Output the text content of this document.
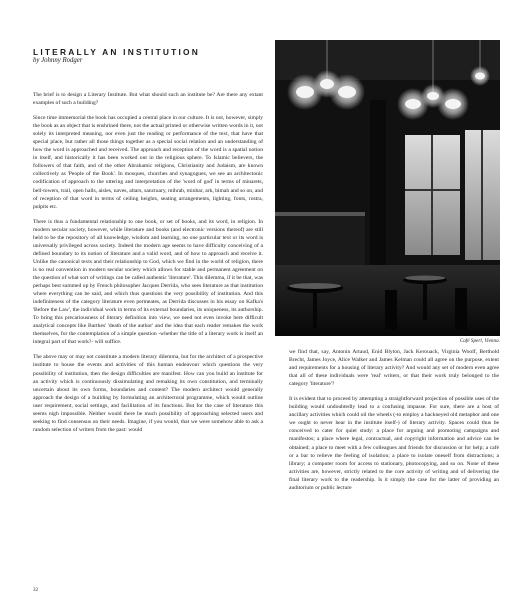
LITERALLY AN INSTITUTION
by Johnny Rodger

The brief is to design a Literary Institute. But what should such an institute be? Are there any extant examples of such a building?

Since time immemorial the book has occupied a central place in our culture. It is not, however, simply the book as an object that is enshrined there, not the actual printed or otherwise written words in it, not solely its interpreted meaning, nor even just the reading or performance of the text, that have that special place, but rather all those things together as a special social relation and an understanding of how the word is approached and received. The approach and reception of the word is a spatial notion in itself, and historically it has been worked out in the religious sphere. To Islamic believers, the followers of that faith, and of the other Abrahamic religions, Christianity and Judaism, are known collectively as 'People of the Book'. In mosques, churches and synagogues, we see an architectonic codification of approach to the uttering and interpretation of the 'word of god' in terms of minarets, bell-towers, trail, open halls, aisles, naves, altars, sanctuary, mihrab, minbar, ark, bimah and so on, and of reception of that word in terms of ceiling heights, seating arrangements, lighting, fonts, rostra, pulpits etc.

There is thus a fundamental relationship to one book, or set of books, and its word, in religion. In modern secular society, however, while literature and books (and electronic versions thereof) are still held to be the repository of all knowledge, wisdom and learning, no one particular text or its word is universally privileged across society. Indeed the modern age seems to have difficulty conceiving of a defined boundary to its notion of literature and a valid word, and of how to approach and receive it. Unlike the canonical texts and their relationship to God, which we find in the world of religion, there is no real convention in modern secular society which allows for stable and permanent agreement on the question of what sort of writings can be called authentic 'literature'. This dilemma, if it be that, was perhaps best summed up by French philosopher Jacques Derrida, who sees literature as that institution where everything can be said, and which thus questions the very possibility of institution. And this indefiniteness of the category literature even permeates, as Derrida discusses in his essay on Kafka's 'Before the Law', the individual work in terms of its external boundaries, its uniqueness, its authorship. To bring this precariousness of literary definition into view, we need not even invoke here difficult analytical concepts like Barthes' 'death of the author' and the idea that each reader remakes the work themselves, for the contemplation of a simple question -whether the title of a literary work is itself an integral part of that work?- will suffice.

The above may or may not constitute a modern literary dilemma, but for the architect of a prospective institute to house the events and activities of this human endeavour which questions the very possibility of institution, then the design difficulties are manifest. How can you build an institute for an activity which is continuously dissimulating and remaking its own constitution, and terminally uncertain about its own forms, boundaries and content? The modern architect would generally approach the design of a building by formulating an architectural programme, which would outline user requirement, social settings, and facilitation of its functions. But for the case of literature this seems nigh impossible. Neither would there be much possibility of approaching selected users and seeking to find consensus on their needs. Imagine, if you would, that we were somehow able to ask a random selection of writers from the past: would

Café Sperl, Vienna.

we find that, say, Antonin Artaud, Enid Blyton, Jack Kerouack, Virginia Woolf, Berthold Brecht, James Joyce, Alice Walker and James Kelman could all agree on the purpose, extent and requirements for a housing of literary activity? And would any set of modern even agree that all of these individuals were 'real' writers, or that their work truly belonged to the category 'literature'?

It is evident that to proceed by attempting a straightforward projection of possible uses of the building would undoubtedly lead to a confusing impasse. For sure, there are a host of ancillary activities which could oil the wheels (-to employ a hackneyed old metaphor and one we ought to never hear in the institute itself-) of literary activity. Spaces could thus be conceived to cater for quiet study: a place for arguing and promoting campaigns and manifestos; a place where legal, contractual, and copyright information and advice can be obtained; a place to meet with a few colleagues and friends for discussion or for help; a café or a bar to relieve the feeling of isolation; a place to isolate oneself from distractions; a library; a computer room for access to stationary, photocopying, and so on. None of these activities are, however, strictly related to the core activity of writing and of delivering the final literary work to the readership. Is it simply the case for the latter of providing an auditorium or public lecture

32
